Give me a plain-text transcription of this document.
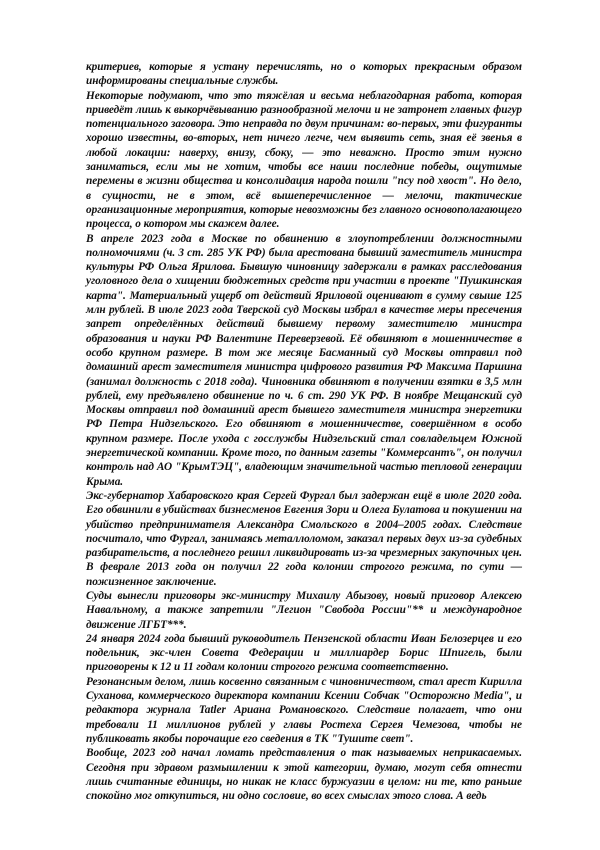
критериев, которые я устану перечислять, но о которых прекрасным образом информированы специальные службы.

Некоторые подумают, что это тяжёлая и весьма неблагодарная работа, которая приведёт лишь к выкорчёвыванию разнообразной мелочи и не затронет главных фигур потенциального заговора. Это неправда по двум причинам: во-первых, эти фигуранты хорошо известны, во-вторых, нет ничего легче, чем выявить сеть, зная её звенья в любой локации: наверху, внизу, сбоку, — это неважно. Просто этим нужно заниматься, если мы не хотим, чтобы все наши последние победы, ощутимые перемены в жизни общества и консолидация народа пошли "псу под хвост". Но дело, в сущности, не в этом, всё вышеперечисленное — мелочи, тактические организационные мероприятия, которые невозможны без главного основополагающего процесса, о котором мы скажем далее.

В апреле 2023 года в Москве по обвинению в злоупотреблении должностными полномочиями (ч. 3 ст. 285 УК РФ) была арестована бывший заместитель министра культуры РФ Ольга Ярилова. Бывшую чиновницу задержали в рамках расследования уголовного дела о хищении бюджетных средств при участии в проекте "Пушкинская карта". Материальный ущерб от действий Яриловой оценивают в сумму свыше 125 млн рублей. В июле 2023 года Тверской суд Москвы избрал в качестве меры пресечения запрет определённых действий бывшему первому заместителю министра образования и науки РФ Валентине Переверзевой. Её обвиняют в мошенничестве в особо крупном размере. В том же месяце Басманный суд Москвы отправил под домашний арест заместителя министра цифрового развития РФ Максима Паршина (занимал должность с 2018 года). Чиновника обвиняют в получении взятки в 3,5 млн рублей, ему предъявлено обвинение по ч. 6 ст. 290 УК РФ. В ноябре Мещанский суд Москвы отправил под домашний арест бывшего заместителя министра энергетики РФ Петра Нидзельского. Его обвиняют в мошенничестве, совершённом в особо крупном размере. После ухода с госслужбы Нидзельский стал совладельцем Южной энергетической компании. Кроме того, по данным газеты "Коммерсантъ", он получил контроль над АО "КрымТЭЦ", владеющим значительной частью тепловой генерации Крыма.

Экс-губернатор Хабаровского края Сергей Фургал был задержан ещё в июле 2020 года. Его обвинили в убийствах бизнесменов Евгения Зори и Олега Булатова и покушении на убийство предпринимателя Александра Смольского в 2004–2005 годах. Следствие посчитало, что Фургал, занимаясь металлоломом, заказал первых двух из-за судебных разбирательств, а последнего решил ликвидировать из-за чрезмерных закупочных цен. В феврале 2013 года он получил 22 года колонии строгого режима, по сути — пожизненное заключение.

Суды вынесли приговоры экс-министру Михаилу Абызову, новый приговор Алексею Навальному, а также запретили "Легион "Свобода России"** и международное движение ЛГБТ***.

24 января 2024 года бывший руководитель Пензенской области Иван Белозерцев и его подельник, экс-член Совета Федерации и миллиардер Борис Шпигель, были приговорены к 12 и 11 годам колонии строгого режима соответственно.

Резонансным делом, лишь косвенно связанным с чиновничеством, стал арест Кирилла Суханова, коммерческого директора компании Ксении Собчак "Осторожно Media", и редактора журнала Tatler Ариана Романовского. Следствие полагает, что они требовали 11 миллионов рублей у главы Ростеха Сергея Чемезова, чтобы не публиковать якобы порочащие его сведения в ТК "Тушите свет".

Вообще, 2023 год начал ломать представления о так называемых неприкасаемых. Сегодня при здравом размышлении к этой категории, думаю, могут себя отнести лишь считанные единицы, но никак не класс буржуазии в целом: ни те, кто раньше спокойно мог откупиться, ни одно сословие, во всех смыслах этого слова. А ведь
